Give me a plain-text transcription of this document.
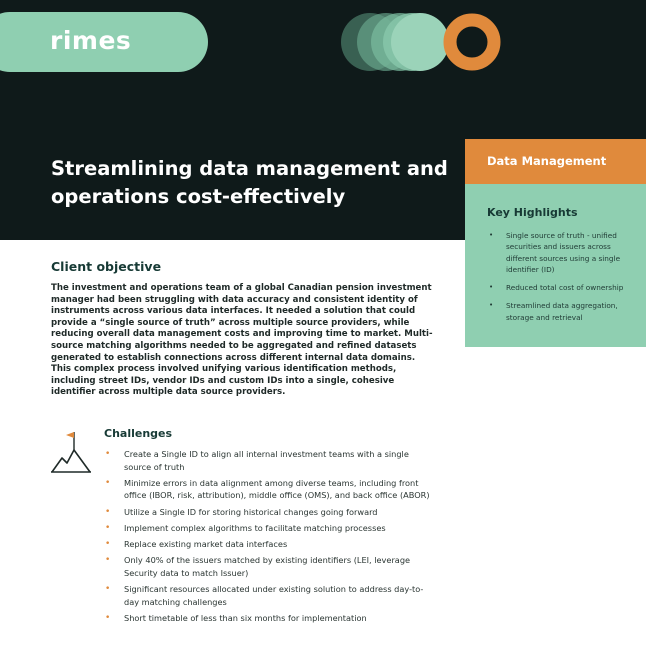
rimes
Streamlining data management and operations cost-effectively
Data Management
Key Highlights
• Single source of truth - unified securities and issuers across different sources using a single identifier (ID)
• Reduced total cost of ownership
• Streamlined data aggregation, storage and retrieval
Client objective

The investment and operations team of a global Canadian pension investment manager had been struggling with data accuracy and consistent identity of instruments across various data interfaces. It needed a solution that could provide a “single source of truth” across multiple source providers, while reducing overall data management costs and improving time to market. Multi-source matching algorithms needed to be aggregated and refined datasets generated to establish connections across different internal data domains. This complex process involved unifying various identification methods, including street IDs, vendor IDs and custom IDs into a single, cohesive identifier across multiple data source providers.

Challenges
• Create a Single ID to align all internal investment teams with a single source of truth
• Minimize errors in data alignment among diverse teams, including front office (IBOR, risk, attribution), middle office (OMS), and back office (ABOR)
• Utilize a Single ID for storing historical changes going forward
• Implement complex algorithms to facilitate matching processes
• Replace existing market data interfaces
• Only 40% of the issuers matched by existing identifiers (LEI, leverage Security data to match Issuer)
• Significant resources allocated under existing solution to address day-to-day matching challenges
• Short timetable of less than six months for implementation
